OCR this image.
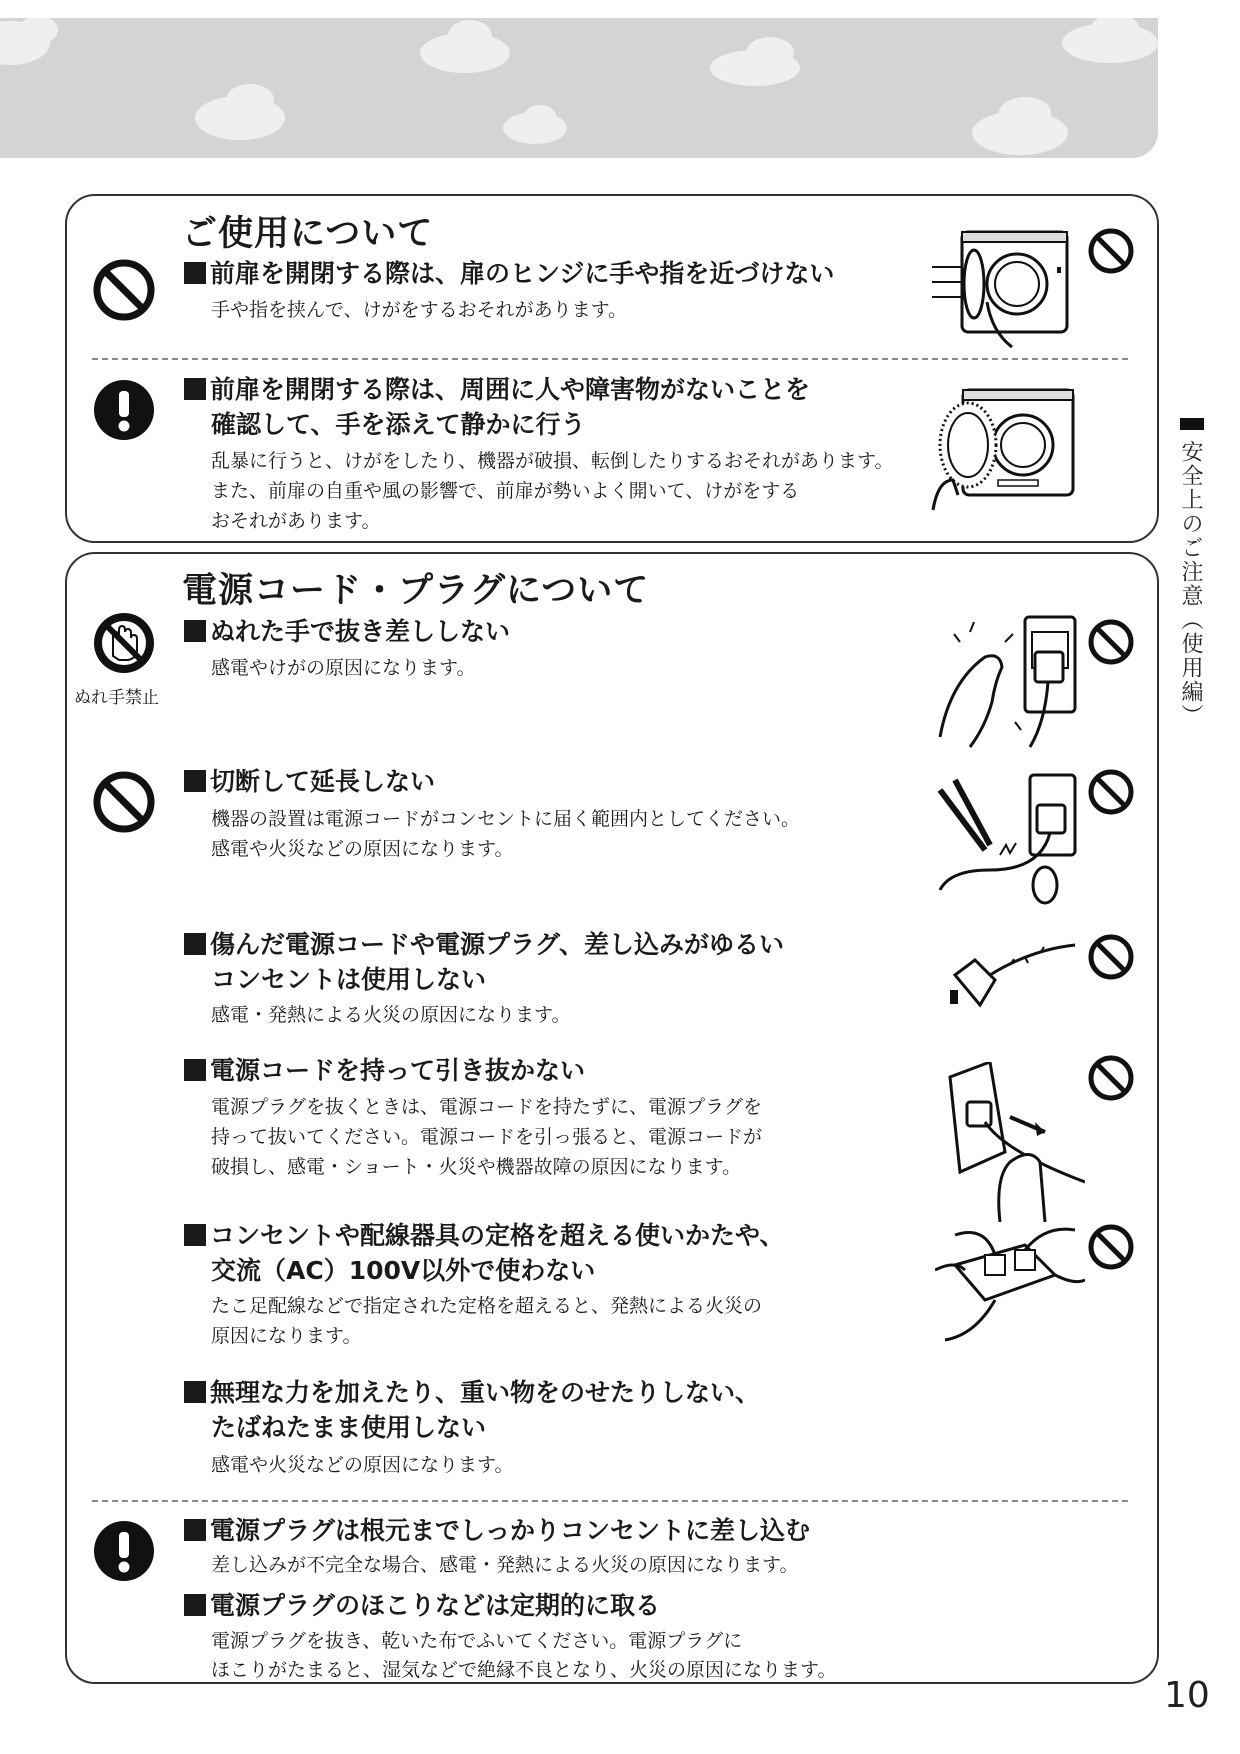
ご使用について
前扉を開閉する際は、扉のヒンジに手や指を近づけない
手や指を挟んで、けがをするおそれがあります。
前扉を開閉する際は、周囲に人や障害物がないことを
確認して、手を添えて静かに行う
乱暴に行うと、けがをしたり、機器が破損、転倒したりするおそれがあります。
また、前扉の自重や風の影響で、前扉が勢いよく開いて、けがをする
おそれがあります。
電源コード・プラグについて
ぬれ手禁止
ぬれた手で抜き差ししない
感電やけがの原因になります。
切断して延長しない
機器の設置は電源コードがコンセントに届く範囲内としてください。
感電や火災などの原因になります。
傷んだ電源コードや電源プラグ、差し込みがゆるい
コンセントは使用しない
感電・発熱による火災の原因になります。
電源コードを持って引き抜かない
電源プラグを抜くときは、電源コードを持たずに、電源プラグを
持って抜いてください。電源コードを引っ張ると、電源コードが
破損し、感電・ショート・火災や機器故障の原因になります。
コンセントや配線器具の定格を超える使いかたや、
交流（AC）100V以外で使わない
たこ足配線などで指定された定格を超えると、発熱による火災の
原因になります。
無理な力を加えたり、重い物をのせたりしない、
たばねたまま使用しない
感電や火災などの原因になります。
電源プラグは根元までしっかりコンセントに差し込む
差し込みが不完全な場合、感電・発熱による火災の原因になります。
電源プラグのほこりなどは定期的に取る
電源プラグを抜き、乾いた布でふいてください。電源プラグに
ほこりがたまると、湿気などで絶縁不良となり、火災の原因になります。
安全上のご注意（使用編）
10
